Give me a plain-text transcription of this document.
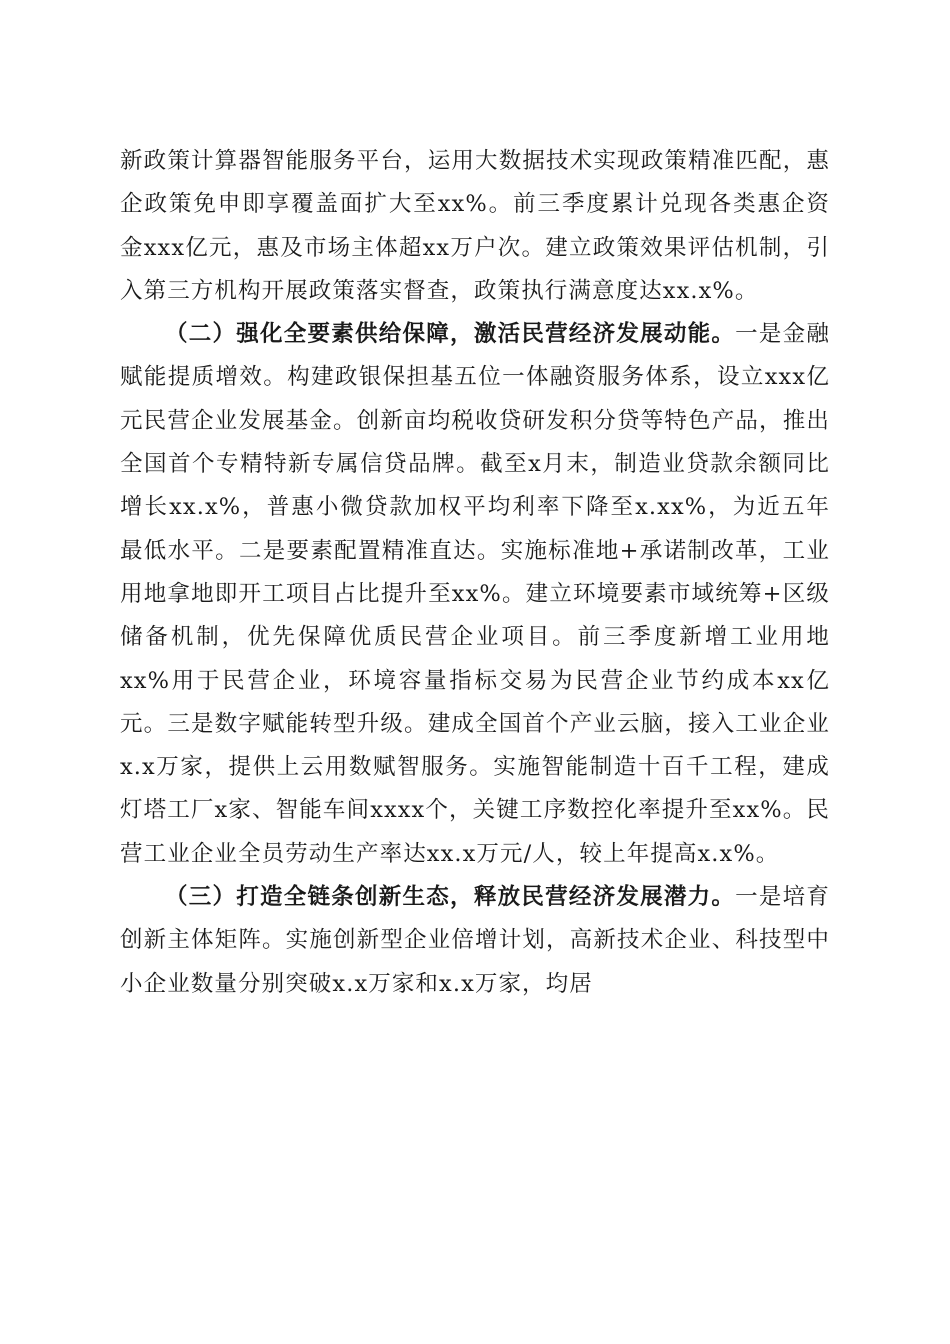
新政策计算器智能服务平台，运用大数据技术实现政策精准匹配，惠企政策免申即享覆盖面扩大至xx%。前三季度累计兑现各类惠企资金xxx亿元，惠及市场主体超xx万户次。建立政策效果评估机制，引入第三方机构开展政策落实督查，政策执行满意度达xx.x%。

（二）强化全要素供给保障，激活民营经济发展动能。一是金融赋能提质增效。构建政银保担基五位一体融资服务体系，设立xxx亿元民营企业发展基金。创新亩均税收贷研发积分贷等特色产品，推出全国首个专精特新专属信贷品牌。截至x月末，制造业贷款余额同比增长xx.x%，普惠小微贷款加权平均利率下降至x.xx%，为近五年最低水平。二是要素配置精准直达。实施标准地+承诺制改革，工业用地拿地即开工项目占比提升至xx%。建立环境要素市域统筹+区级储备机制，优先保障优质民营企业项目。前三季度新增工业用地xx%用于民营企业，环境容量指标交易为民营企业节约成本xx亿元。三是数字赋能转型升级。建成全国首个产业云脑，接入工业企业x.x万家，提供上云用数赋智服务。实施智能制造十百千工程，建成灯塔工厂x家、智能车间xxxx个，关键工序数控化率提升至xx%。民营工业企业全员劳动生产率达xx.x万元/人，较上年提高x.x%。

（三）打造全链条创新生态，释放民营经济发展潜力。一是培育创新主体矩阵。实施创新型企业倍增计划，高新技术企业、科技型中小企业数量分别突破x.x万家和x.x万家，均居
